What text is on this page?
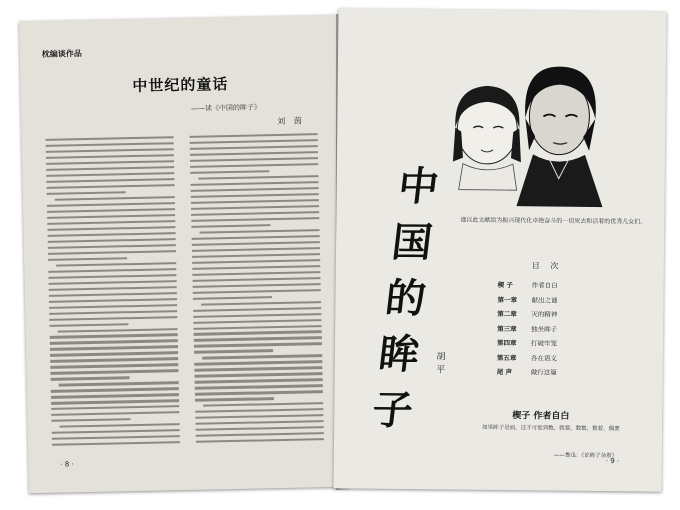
枕编谈作品
中世纪的童话
——读《中国的眸子》
刘 茵
· 8 ·
谨以此文献给为振兴现代化卓绝奋斗的一切死去和活着的优秀儿女们。
中
国
的
眸
子
胡平
目 次
楔 子	作者自白
第一章	献出之谜
第二章	灭的精神
第三章	独坐眸子
第四章	打破牢笼
第五章	各在语义
尾 声	做行这篇
楔子 作者自白
如果眸子是面，这才可爱到数，就要，数数，数着，偶要
——鲁迅：《论眸子杂着》
· 9 ·
